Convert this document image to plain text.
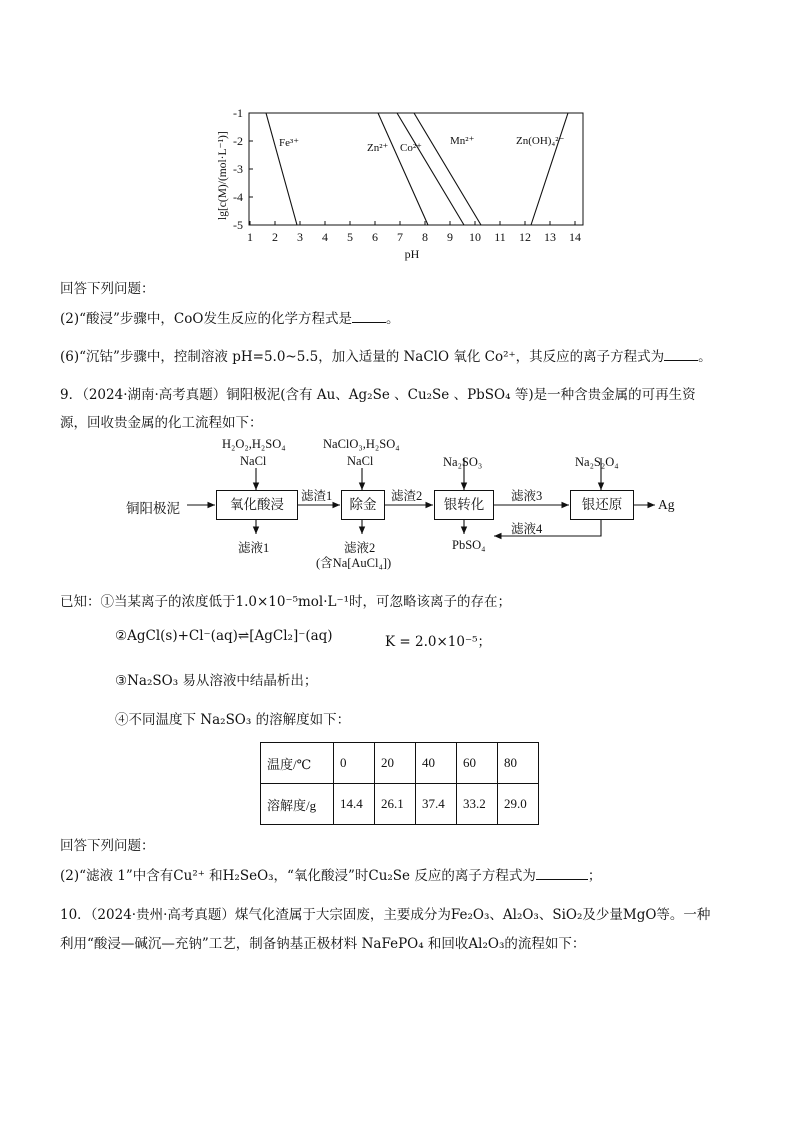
-1
-2
-3
-4
-5
1 2 3 4 5 6 7 8 9 10 11 12 13 14
pH
lg[c(M)/(mol·L⁻¹)]	Fe³⁺	Zn²⁺ Co²⁺
Mn²⁺	Zn(OH)₄²⁻
回答下列问题：
(2)“酸浸”步骤中，CoO发生反应的化学方程式是	。
(6)“沉钴”步骤中，控制溶液 pH=5.0~5.5，加入适量的 NaClO 氧化 Co²⁺，其反应的离子方程式为	。
9．（2024·湖南·高考真题）铜阳极泥(含有 Au、Ag₂Se 、Cu₂Se 、PbSO₄ 等)是一种含贵金属的可再生资
源，回收贵金属的化工流程如下：
铜阳极泥	氧化酸浸	除金	银转化	银还原	Ag
H₂O₂,H₂SO₄
NaCl
NaClO₃,H₂SO₄
NaCl	Na₂SO₃	Na₂S₂O₄
滤渣1	滤渣2	滤液3
滤液4
滤液1	滤液2
(含Na[AuCl₄])
PbSO₄
已知：①当某离子的浓度低于1.0×10⁻⁵mol·L⁻¹时，可忽略该离子的存在；
②AgCl(s)+Cl⁻(aq)⇌[AgCl₂]⁻(aq)	K = 2.0×10⁻⁵；
③Na₂SO₃ 易从溶液中结晶析出；
④不同温度下 Na₂SO₃ 的溶解度如下：
温度/℃	0	20	40	60	80
溶解度/g	14.4	26.1	37.4	33.2	29.0
回答下列问题：
(2)“滤液 1”中含有Cu²⁺ 和H₂SeO₃，“氧化酸浸”时Cu₂Se 反应的离子方程式为	；
10．（2024·贵州·高考真题）煤气化渣属于大宗固废，主要成分为Fe₂O₃、Al₂O₃、SiO₂及少量MgO等。一种
利用“酸浸—碱沉—充钠”工艺，制备钠基正极材料 NaFePO₄ 和回收Al₂O₃的流程如下：
